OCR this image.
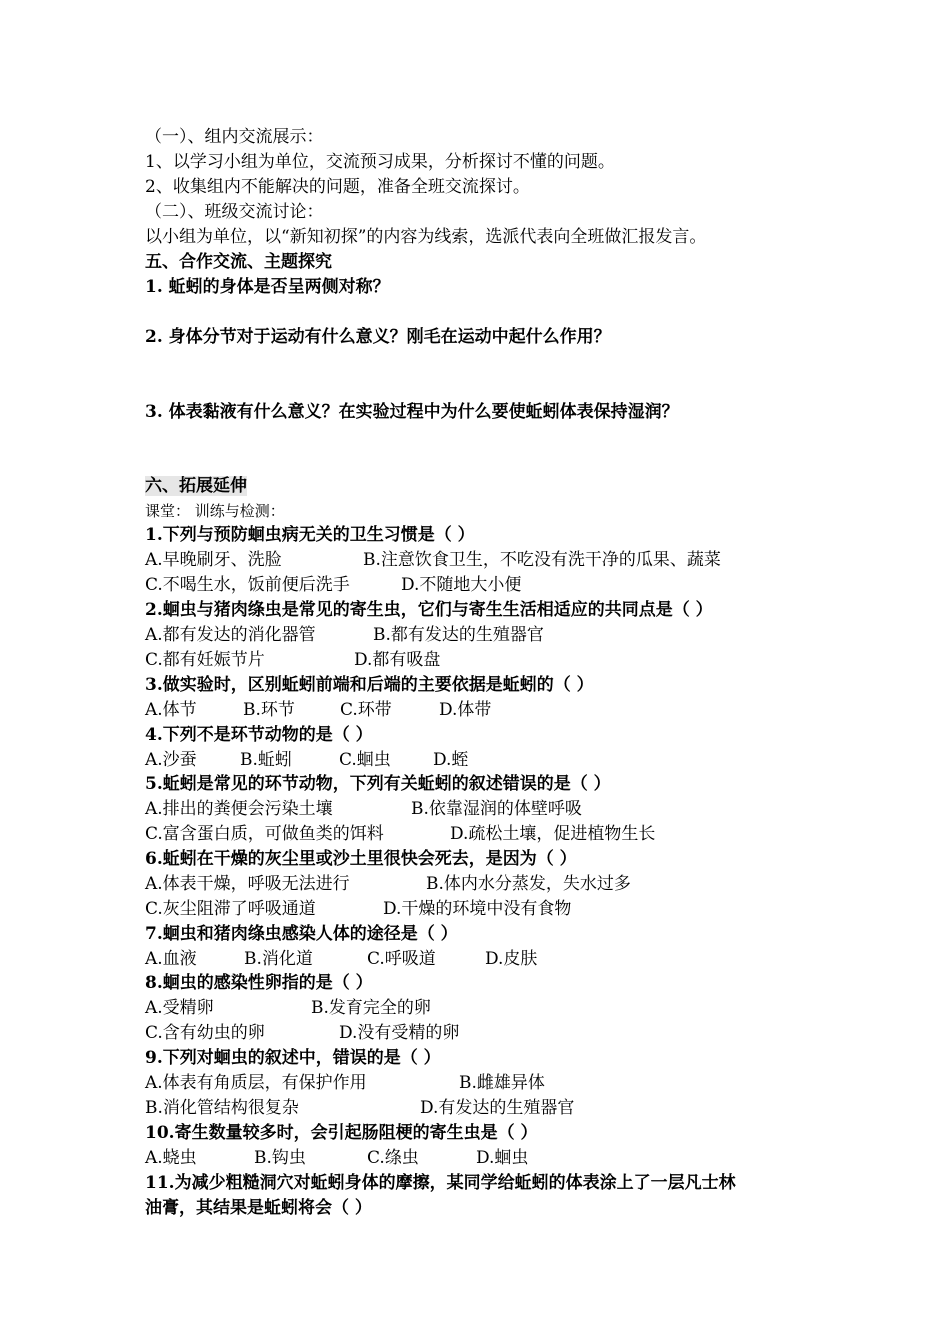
（一）、组内交流展示：
1、以学习小组为单位，交流预习成果，分析探讨不懂的问题。
2、收集组内不能解决的问题，准备全班交流探讨。
（二）、班级交流讨论：
以小组为单位，以“新知初探”的内容为线索，选派代表向全班做汇报发言。
五、合作交流、主题探究
1. 蚯蚓的身体是否呈两侧对称？
2. 身体分节对于运动有什么意义？刚毛在运动中起什么作用？
3. 体表黏液有什么意义？在实验过程中为什么要使蚯蚓体表保持湿润？
六、拓展延伸
课堂： 训练与检测：
1.下列与预防蛔虫病无关的卫生习惯是（ ）
A.早晚刷牙、洗脸	B.注意饮食卫生，不吃没有洗干净的瓜果、蔬菜
C.不喝生水，饭前便后洗手	D.不随地大小便
2.蛔虫与猪肉绦虫是常见的寄生虫，它们与寄生生活相适应的共同点是（ ）
A.都有发达的消化器管	B.都有发达的生殖器官
C.都有妊娠节片	D.都有吸盘
3.做实验时，区别蚯蚓前端和后端的主要依据是蚯蚓的（ ）
A.体节	B.环节	C.环带	D.体带
4.下列不是环节动物的是（ ）
A.沙蚕	B.蚯蚓	C.蛔虫 D.蛭
5.蚯蚓是常见的环节动物，下列有关蚯蚓的叙述错误的是（ ）
A.排出的粪便会污染土壤	B.依靠湿润的体壁呼吸
C.富含蛋白质，可做鱼类的饵料	D.疏松土壤，促进植物生长
6.蚯蚓在干燥的灰尘里或沙土里很快会死去，是因为（ ）
A.体表干燥，呼吸无法进行	B.体内水分蒸发，失水过多
C.灰尘阻滞了呼吸通道	D.干燥的环境中没有食物
7.蛔虫和猪肉绦虫感染人体的途径是（ ）
A.血液	B.消化道	C.呼吸道	D.皮肤
8.蛔虫的感染性卵指的是（ ）
A.受精卵	B.发育完全的卵
C.含有幼虫的卵	D.没有受精的卵
9.下列对蛔虫的叙述中，错误的是（ ）
A.体表有角质层，有保护作用	B.雌雄异体
B.消化管结构很复杂	D.有发达的生殖器官
10.寄生数量较多时，会引起肠阻梗的寄生虫是（ ）
A.蛲虫	B.钩虫	C.绦虫	D.蛔虫
11.为减少粗糙洞穴对蚯蚓身体的摩擦，某同学给蚯蚓的体表涂上了一层凡士林
油膏，其结果是蚯蚓将会（ ）
